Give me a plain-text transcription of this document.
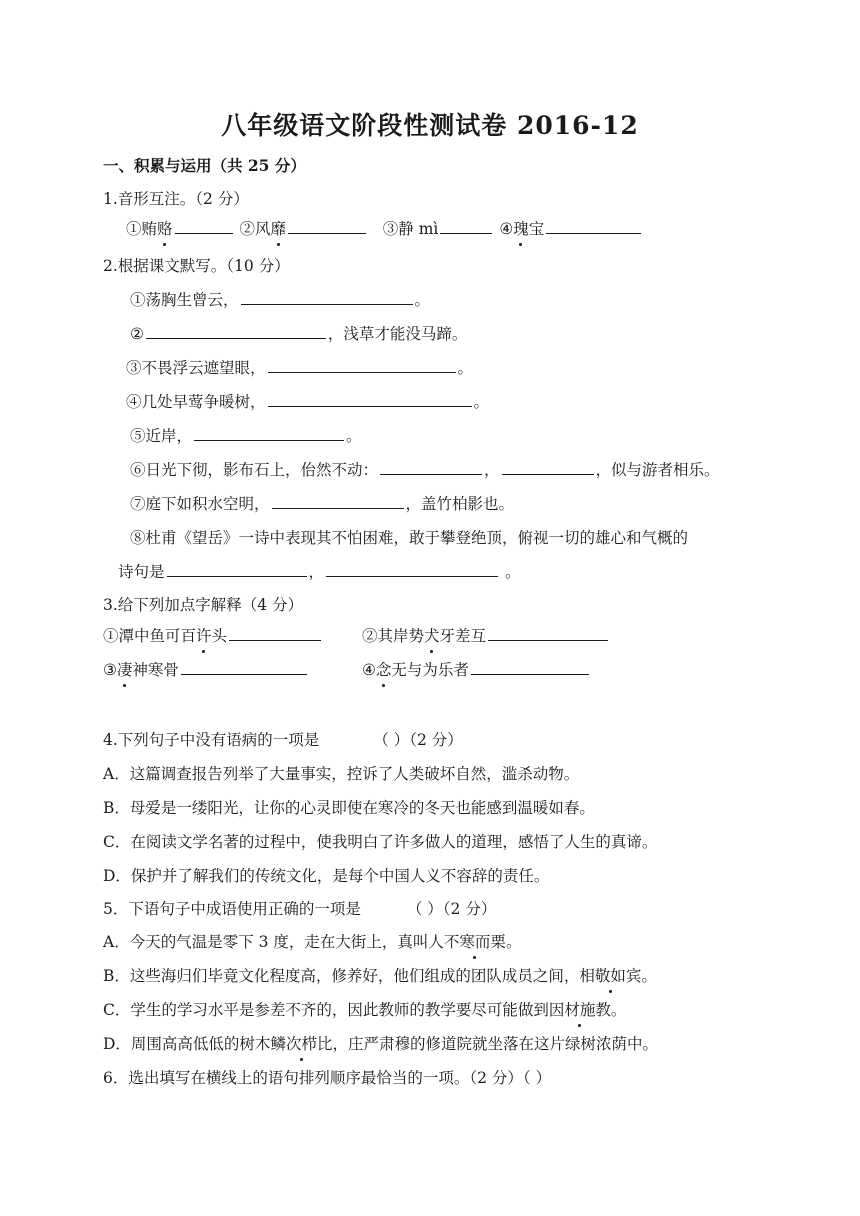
八年级语文阶段性测试卷 2016-12
一、积累与运用（共 25 分）
1.音形互注。（2 分）
①贿赂	②风靡	③静 mì	④瑰宝
2.根据课文默写。（10 分）
①荡胸生曾云，	。
②	，浅草才能没马蹄。
③不畏浮云遮望眼，	。
④几处早莺争暖树，	。
⑤近岸，	。
⑥日光下彻，影布石上，佁然不动：	，	，似与游者相乐。
⑦庭下如积水空明，	，盖竹柏影也。
⑧杜甫《望岳》一诗中表现其不怕困难，敢于攀登绝顶，俯视一切的雄心和气概的
诗句是	，	。
3.给下列加点字解释（4 分）
①潭中鱼可百许头	②其岸势犬牙差互
③凄神寒骨	④念无与为乐者
4.下列句子中没有语病的一项是	（ ）（2 分）
A．这篇调查报告列举了大量事实，控诉了人类破坏自然，滥杀动物。
B．母爱是一缕阳光，让你的心灵即使在寒冷的冬天也能感到温暖如春。
C．在阅读文学名著的过程中，使我明白了许多做人的道理，感悟了人生的真谛。
D．保护并了解我们的传统文化，是每个中国人义不容辞的责任。
5．下语句子中成语使用正确的一项是	（ ）（2 分）
A．今天的气温是零下 3 度，走在大街上，真叫人不寒而栗。
B．这些海归们毕竟文化程度高，修养好，他们组成的团队成员之间，相敬如宾。
C．学生的学习水平是参差不齐的，因此教师的教学要尽可能做到因材施教。
D．周围高高低低的树木鳞次栉比，庄严肃穆的修道院就坐落在这片绿树浓荫中。
6．选出填写在横线上的语句排列顺序最恰当的一项。（2 分）（ ）
